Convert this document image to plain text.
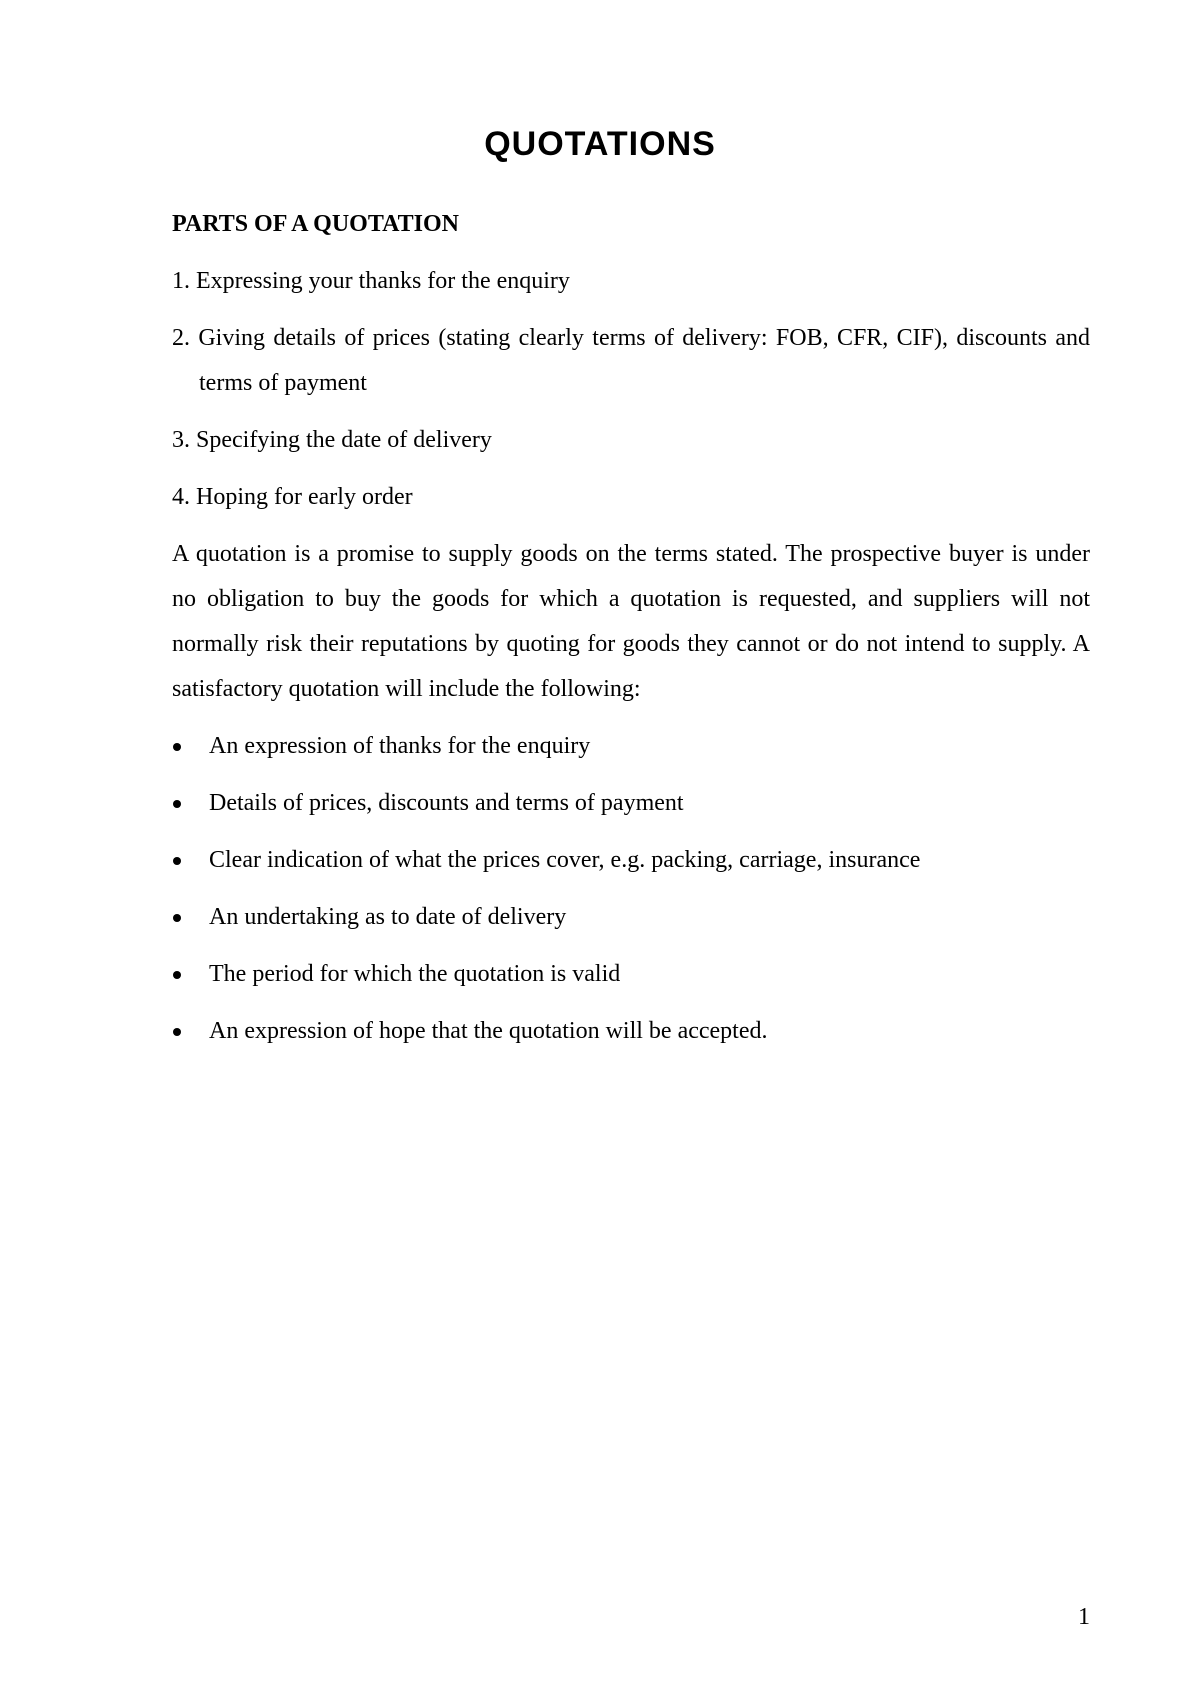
QUOTATIONS

PARTS OF A QUOTATION

1. Expressing your thanks for the enquiry
2. Giving details of prices (stating clearly terms of delivery: FOB, CFR, CIF), discounts and terms of payment
3. Specifying the date of delivery
4. Hoping for early order

A quotation is a promise to supply goods on the terms stated. The prospective buyer is under no obligation to buy the goods for which a quotation is requested, and suppliers will not normally risk their reputations by quoting for goods they cannot or do not intend to supply. A satisfactory quotation will include the following:

An expression of thanks for the enquiry
Details of prices, discounts and terms of payment
Clear indication of what the prices cover, e.g. packing, carriage, insurance
An undertaking as to date of delivery
The period for which the quotation is valid
An expression of hope that the quotation will be accepted.
1
